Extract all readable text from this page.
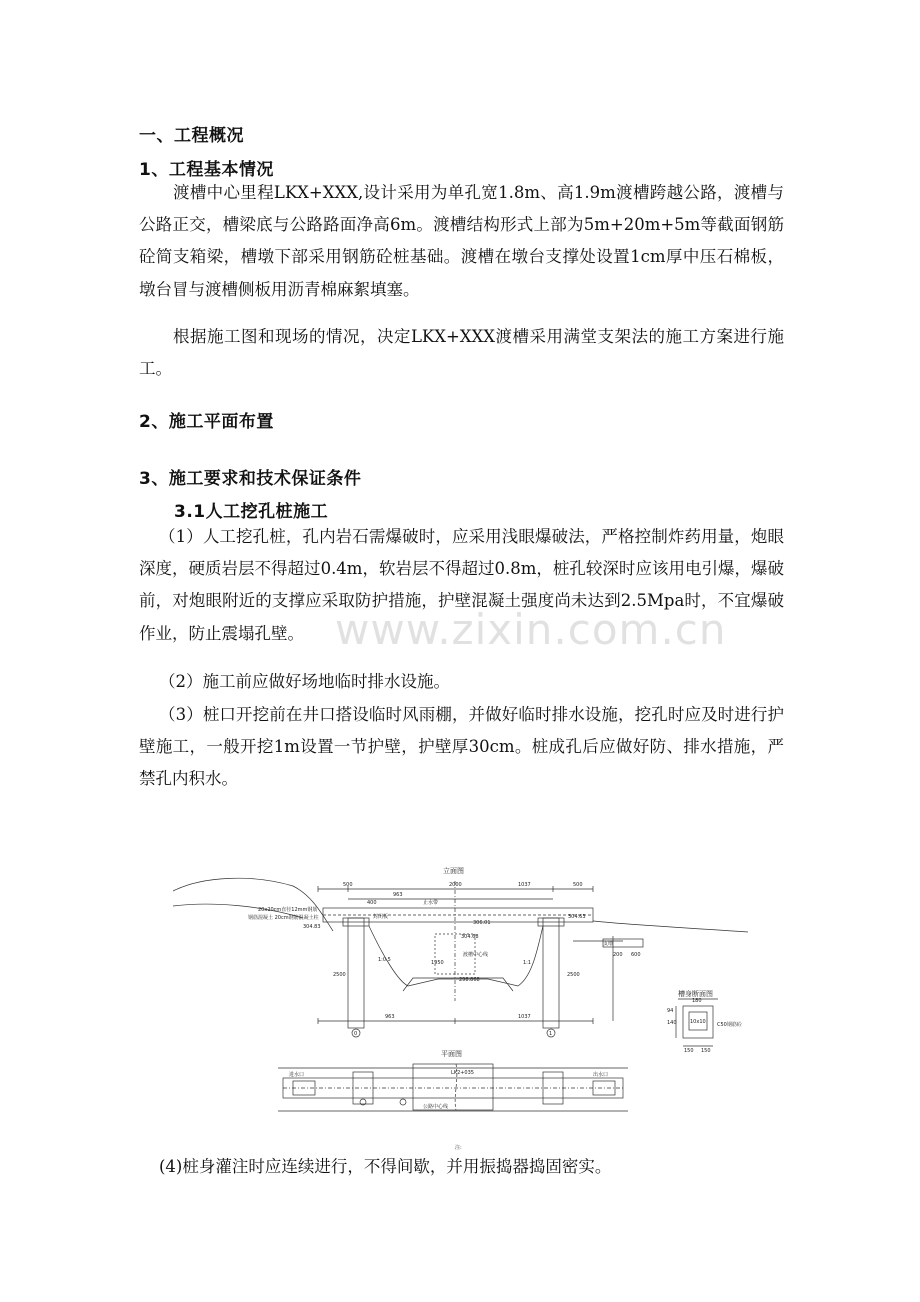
一、工程概况
1、工程基本情况
渡槽中心里程LKX+XXX,设计采用为单孔宽1.8m、高1.9m渡槽跨越公路，渡槽与公路正交，槽梁底与公路路面净高6m。渡槽结构形式上部为5m+20m+5m等截面钢筋砼简支箱梁，槽墩下部采用钢筋砼桩基础。渡槽在墩台支撑处设置1cm厚中压石棉板，墩台冒与渡槽侧板用沥青棉麻絮填塞。
根据施工图和现场的情况，决定LKX+XXX渡槽采用满堂支架法的施工方案进行施工。
2、施工平面布置
3、施工要求和技术保证条件
3.1人工挖孔桩施工
（1）人工挖孔桩，孔内岩石需爆破时，应采用浅眼爆破法，严格控制炸药用量，炮眼深度，硬质岩层不得超过0.4m，软岩层不得超过0.8m，桩孔较深时应该用电引爆，爆破前，对炮眼附近的支撑应采取防护措施，护壁混凝土强度尚未达到2.5Mpa时，不宜爆破作业，防止震塌孔壁。
（2）施工前应做好场地临时排水设施。
（3）桩口开挖前在井口搭设临时风雨棚，并做好临时排水设施，挖孔时应及时进行护壁施工，一般开挖1m设置一节护壁，护壁厚30cm。桩成孔后应做好防、排水措施，严禁孔内积水。
www.zixin.com.cn
立面图
平面图
槽身断面图
500	2000	1037	500
963
400
963	1037
2500	2500
200 600
180
140
150 150
94
304.83
306.01
304.68
304.63
298.868
1:0.5	1:1
1950
渡槽中心线
0	1
10x10 C50钢筋砼
LK2+035
注:
20x20cm直径12mm钢筋
钢筋混凝土 20cm钢筋混凝土柱	封闭板
止水带
支墩
进水口	出水口
公路中心线
(4)桩身灌注时应连续进行，不得间歇，并用振捣器捣固密实。
